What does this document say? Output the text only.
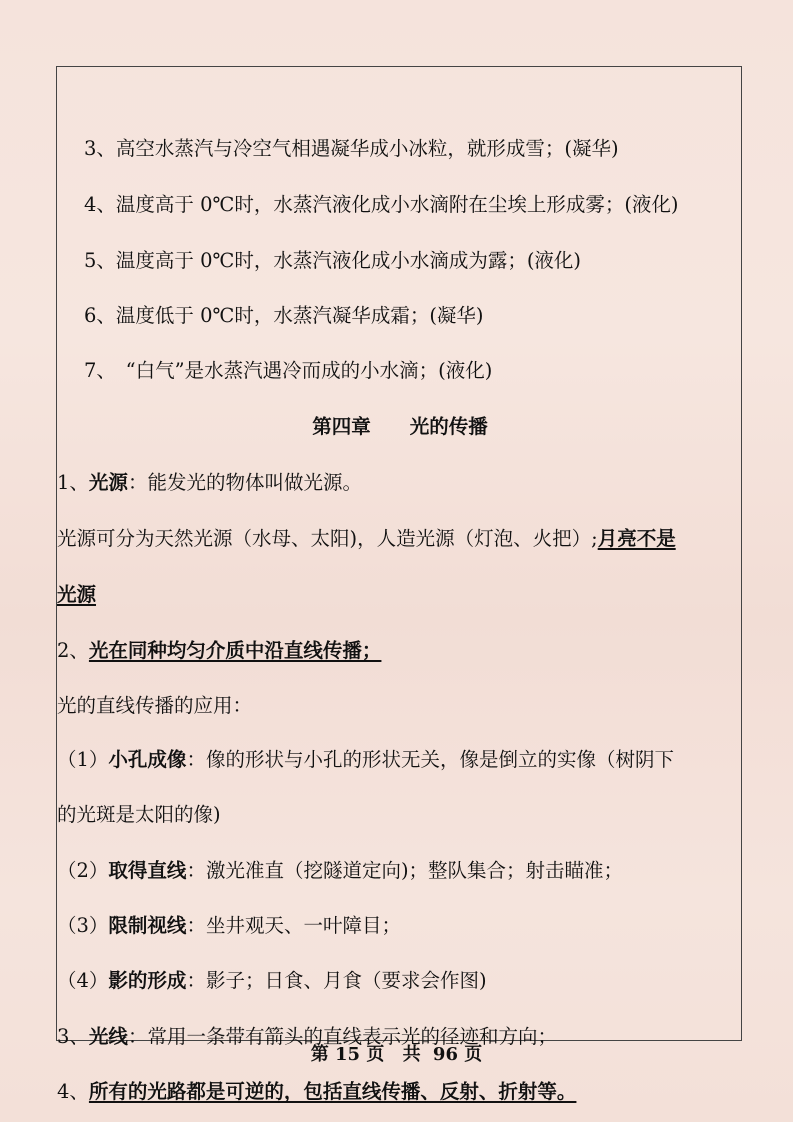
3、高空水蒸汽与冷空气相遇凝华成小冰粒，就形成雪；(凝华)
4、温度高于 0℃时，水蒸汽液化成小水滴附在尘埃上形成雾；(液化)
5、温度高于 0℃时，水蒸汽液化成小水滴成为露；(液化)
6、温度低于 0℃时，水蒸汽凝华成霜；(凝华)
7、　“白气”是水蒸汽遇冷而成的小水滴；(液化)
第四章　　光的传播
1、光源：能发光的物体叫做光源。
光源可分为天然光源（水母、太阳)，人造光源（灯泡、火把）;月亮不是
光源
2、光在同种均匀介质中沿直线传播；
光的直线传播的应用：
（1）小孔成像：像的形状与小孔的形状无关，像是倒立的实像（树阴下
的光斑是太阳的像)
（2）取得直线：激光准直（挖隧道定向)；整队集合；射击瞄准；
（3）限制视线：坐井观天、一叶障目；
（4）影的形成：影子；日食、月食（要求会作图)
3、光线：常用一条带有箭头的直线表示光的径迹和方向；
4、所有的光路都是可逆的，包括直线传播、反射、折射等。
第 15 页 共 96 页
